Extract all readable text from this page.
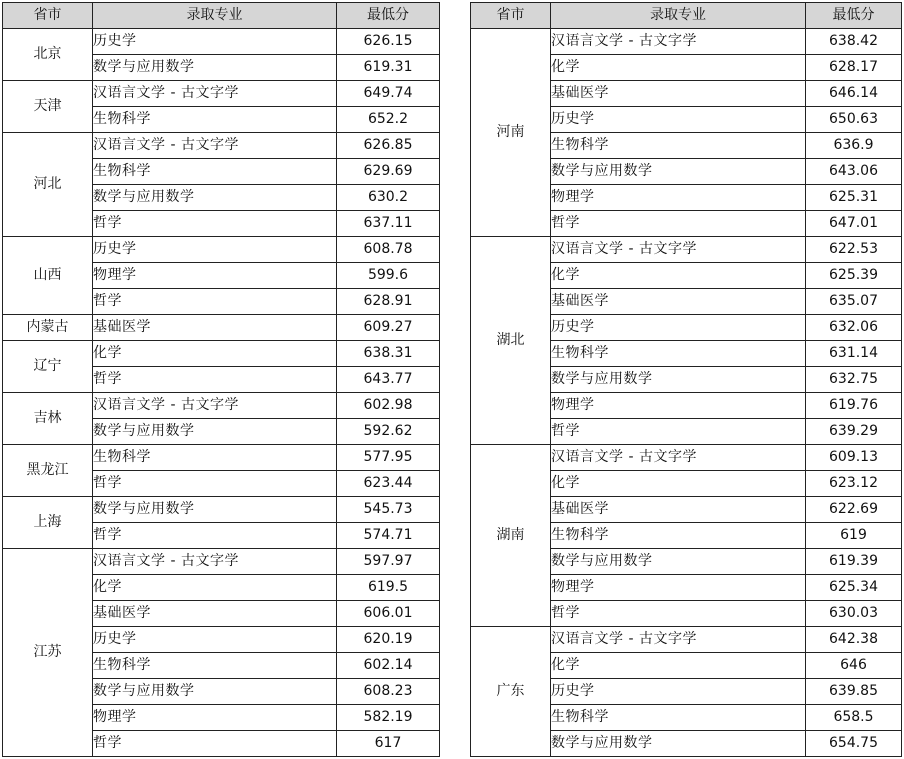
省市	录取专业	最低分
北京	历史学	626.15
	数学与应用数学	619.31
天津	汉语言文学 - 古文字学	649.74
	生物科学	652.2
河北	汉语言文学 - 古文字学	626.85
	生物科学	629.69
	数学与应用数学	630.2
	哲学	637.11
山西	历史学	608.78
	物理学	599.6
	哲学	628.91
内蒙古	基础医学	609.27
辽宁	化学	638.31
	哲学	643.77
吉林	汉语言文学 - 古文字学	602.98
	数学与应用数学	592.62
黑龙江	生物科学	577.95
	哲学	623.44
上海	数学与应用数学	545.73
	哲学	574.71
江苏	汉语言文学 - 古文字学	597.97
	化学	619.5
	基础医学	606.01
	历史学	620.19
	生物科学	602.14
	数学与应用数学	608.23
	物理学	582.19
	哲学	617
省市	录取专业	最低分
河南	汉语言文学 - 古文字学	638.42
	化学	628.17
	基础医学	646.14
	历史学	650.63
	生物科学	636.9
	数学与应用数学	643.06
	物理学	625.31
	哲学	647.01
湖北	汉语言文学 - 古文字学	622.53
	化学	625.39
	基础医学	635.07
	历史学	632.06
	生物科学	631.14
	数学与应用数学	632.75
	物理学	619.76
	哲学	639.29
湖南	汉语言文学 - 古文字学	609.13
	化学	623.12
	基础医学	622.69
	生物科学	619
	数学与应用数学	619.39
	物理学	625.34
	哲学	630.03
广东	汉语言文学 - 古文字学	642.38
	化学	646
	历史学	639.85
	生物科学	658.5
	数学与应用数学	654.75
